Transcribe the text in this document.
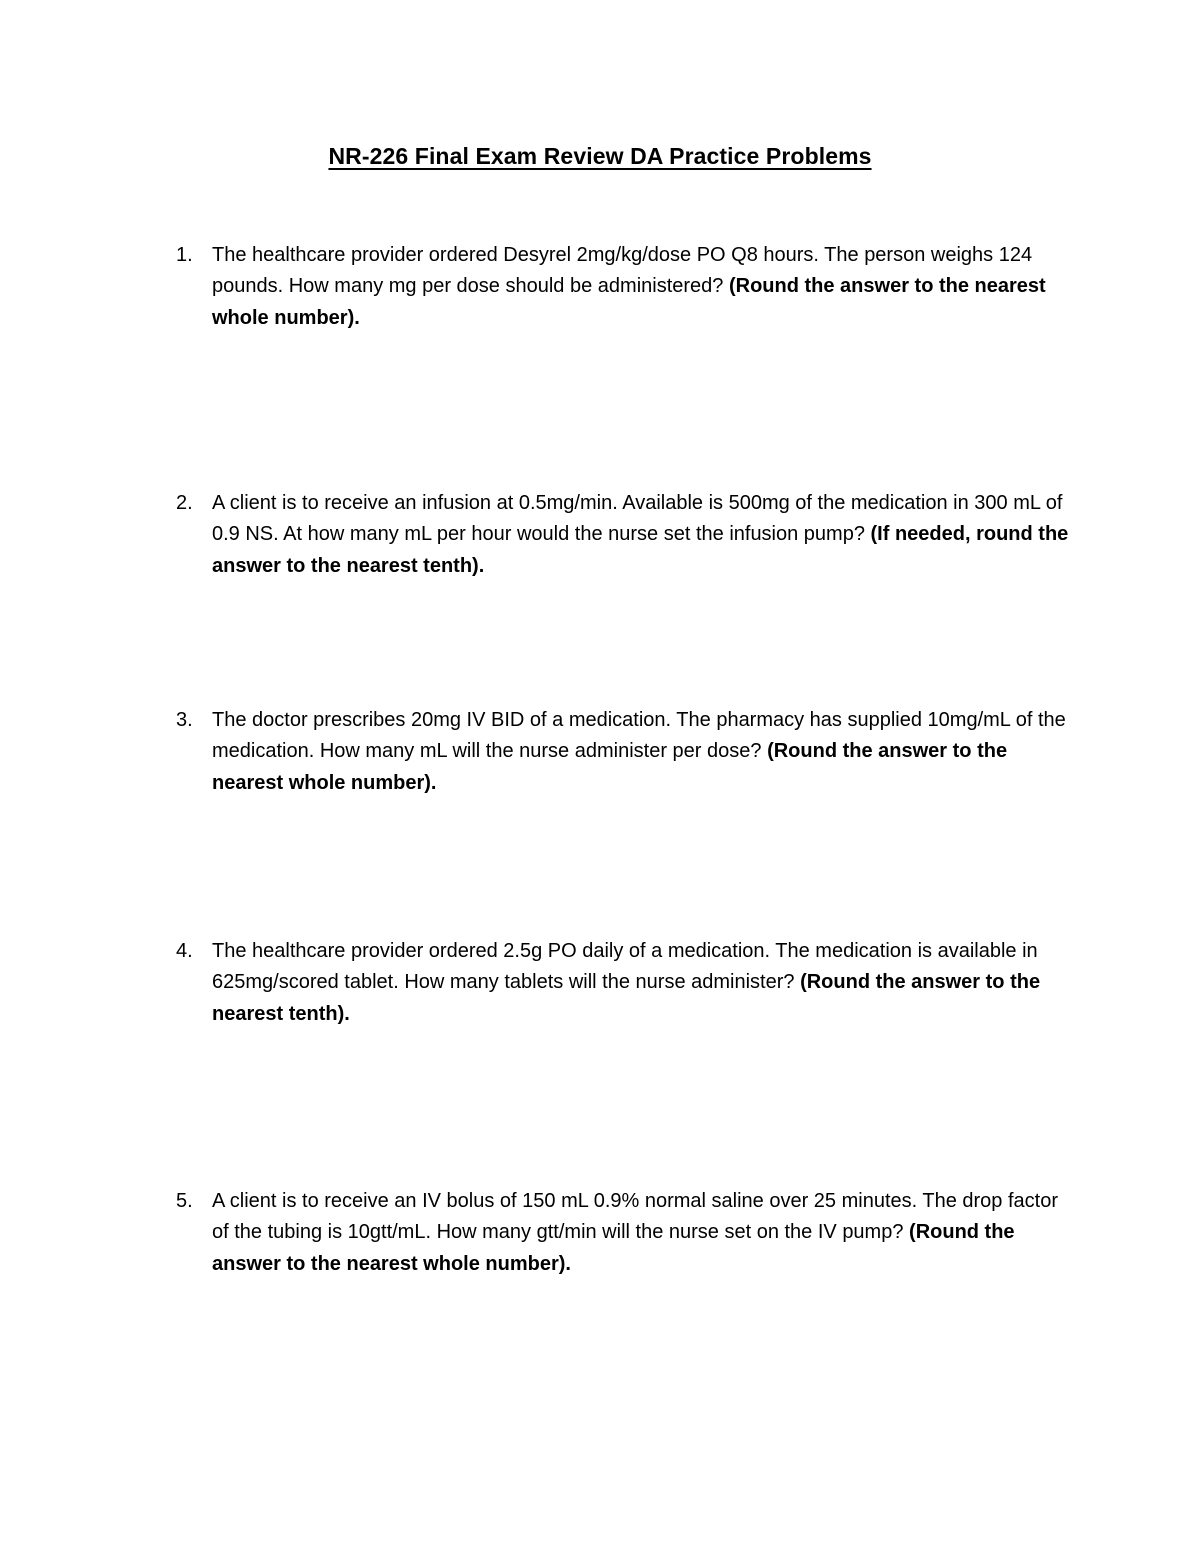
NR-226 Final Exam Review DA Practice Problems
1. The healthcare provider ordered Desyrel 2mg/kg/dose PO Q8 hours. The person weighs 124 pounds. How many mg per dose should be administered? (Round the answer to the nearest whole number).
2. A client is to receive an infusion at 0.5mg/min. Available is 500mg of the medication in 300 mL of 0.9 NS. At how many mL per hour would the nurse set the infusion pump? (If needed, round the answer to the nearest tenth).
3. The doctor prescribes 20mg IV BID of a medication. The pharmacy has supplied 10mg/mL of the medication. How many mL will the nurse administer per dose? (Round the answer to the nearest whole number).
4. The healthcare provider ordered 2.5g PO daily of a medication. The medication is available in 625mg/scored tablet. How many tablets will the nurse administer? (Round the answer to the nearest tenth).
5. A client is to receive an IV bolus of 150 mL 0.9% normal saline over 25 minutes. The drop factor of the tubing is 10gtt/mL. How many gtt/min will the nurse set on the IV pump? (Round the answer to the nearest whole number).
